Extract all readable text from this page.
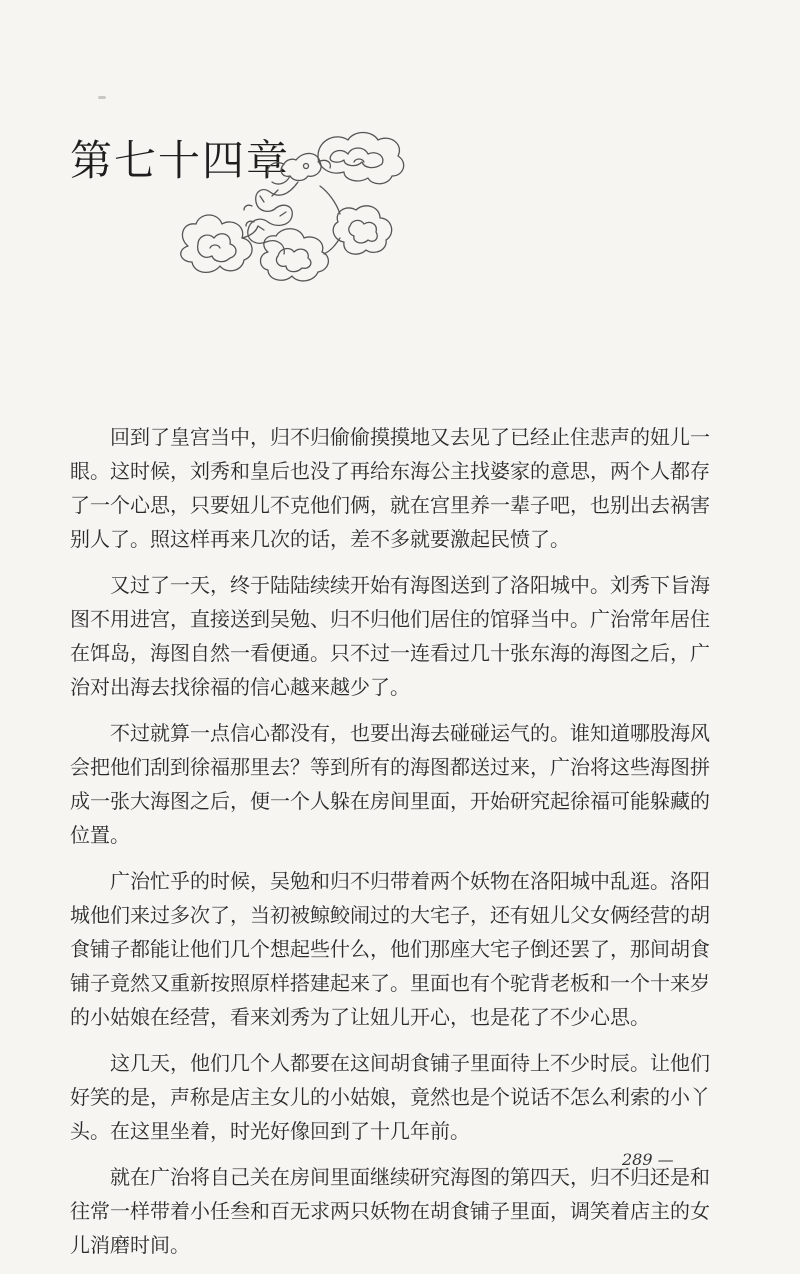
第七十四章

回到了皇宫当中，归不归偷偷摸摸地又去见了已经止住悲声的妞儿一眼。这时候，刘秀和皇后也没了再给东海公主找婆家的意思，两个人都存了一个心思，只要妞儿不克他们俩，就在宫里养一辈子吧，也别出去祸害别人了。照这样再来几次的话，差不多就要激起民愤了。

又过了一天，终于陆陆续续开始有海图送到了洛阳城中。刘秀下旨海图不用进宫，直接送到吴勉、归不归他们居住的馆驿当中。广治常年居住在饵岛，海图自然一看便通。只不过一连看过几十张东海的海图之后，广治对出海去找徐福的信心越来越少了。

不过就算一点信心都没有，也要出海去碰碰运气的。谁知道哪股海风会把他们刮到徐福那里去？等到所有的海图都送过来，广治将这些海图拼成一张大海图之后，便一个人躲在房间里面，开始研究起徐福可能躲藏的位置。

广治忙乎的时候，吴勉和归不归带着两个妖物在洛阳城中乱逛。洛阳城他们来过多次了，当初被鲸鲛闹过的大宅子，还有妞儿父女俩经营的胡食铺子都能让他们几个想起些什么，他们那座大宅子倒还罢了，那间胡食铺子竟然又重新按照原样搭建起来了。里面也有个驼背老板和一个十来岁的小姑娘在经营，看来刘秀为了让妞儿开心，也是花了不少心思。

这几天，他们几个人都要在这间胡食铺子里面待上不少时辰。让他们好笑的是，声称是店主女儿的小姑娘，竟然也是个说话不怎么利索的小丫头。在这里坐着，时光好像回到了十几年前。

就在广治将自己关在房间里面继续研究海图的第四天，归不归还是和往常一样带着小任叁和百无求两只妖物在胡食铺子里面，调笑着店主的女儿消磨时间。

289 —
